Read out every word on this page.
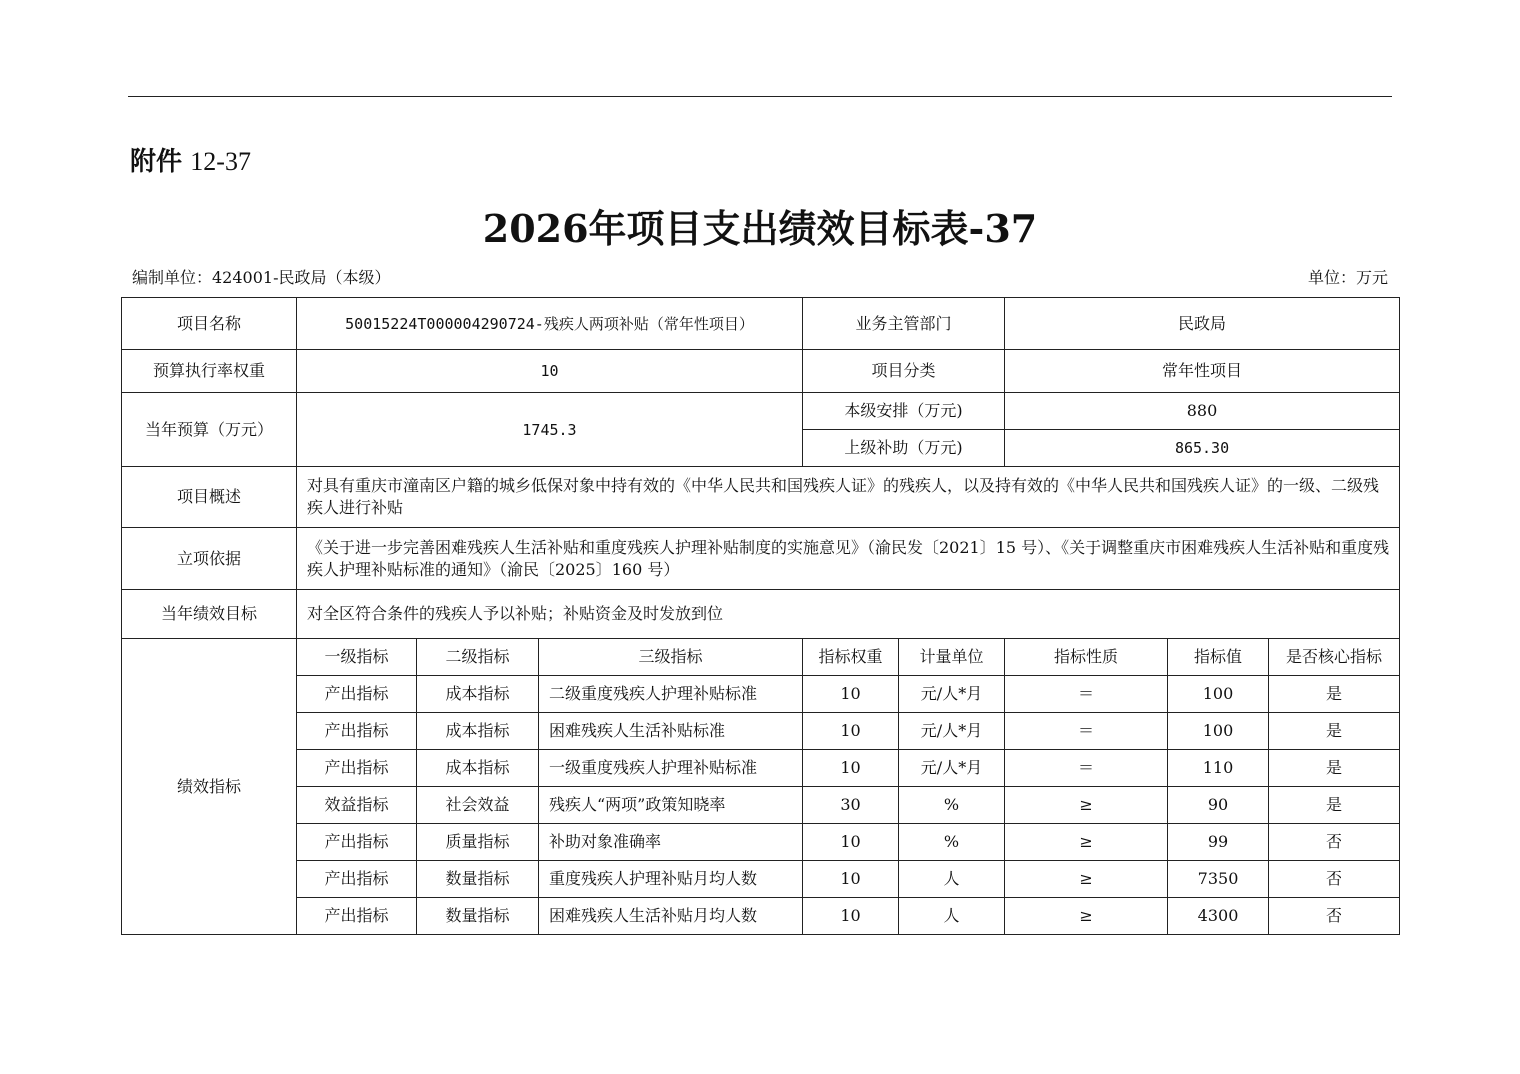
附件 12-37
2026年项目支出绩效目标表-37
编制单位：424001-民政局（本级）	单位：万元
项目名称	50015224T000004290724-残疾人两项补贴（常年性项目）			业务主管部门		民政局		
预算执行率权重	10			项目分类		常年性项目		
当年预算（万元）	1745.3			本级安排（万元)		880		
				上级补助（万元)		865.30		
项目概述	对具有重庆市潼南区户籍的城乡低保对象中持有效的《中华人民共和国残疾人证》的残疾人，以及持有效的《中华人民共和国残疾人证》的一级、二级残疾人进行补贴							
立项依据	《关于进一步完善困难残疾人生活补贴和重度残疾人护理补贴制度的实施意见》（渝民发〔2021〕15 号）、《关于调整重庆市困难残疾人生活补贴和重度残疾人护理补贴标准的通知》（渝民〔2025〕160 号）							
当年绩效目标	对全区符合条件的残疾人予以补贴；补贴资金及时发放到位							
绩效指标	一级指标	二级指标	三级指标	指标权重	计量单位	指标性质	指标值	是否核心指标
	产出指标	成本指标	二级重度残疾人护理补贴标准	10	元/人*月	＝	100	是
	产出指标	成本指标	困难残疾人生活补贴标准	10	元/人*月	＝	100	是
	产出指标	成本指标	一级重度残疾人护理补贴标准	10	元/人*月	＝	110	是
	效益指标	社会效益	残疾人“两项”政策知晓率	30	%	≥	90	是
	产出指标	质量指标	补助对象准确率	10	%	≥	99	否
	产出指标	数量指标	重度残疾人护理补贴月均人数	10	人	≥	7350	否
	产出指标	数量指标	困难残疾人生活补贴月均人数	10	人	≥	4300	否
